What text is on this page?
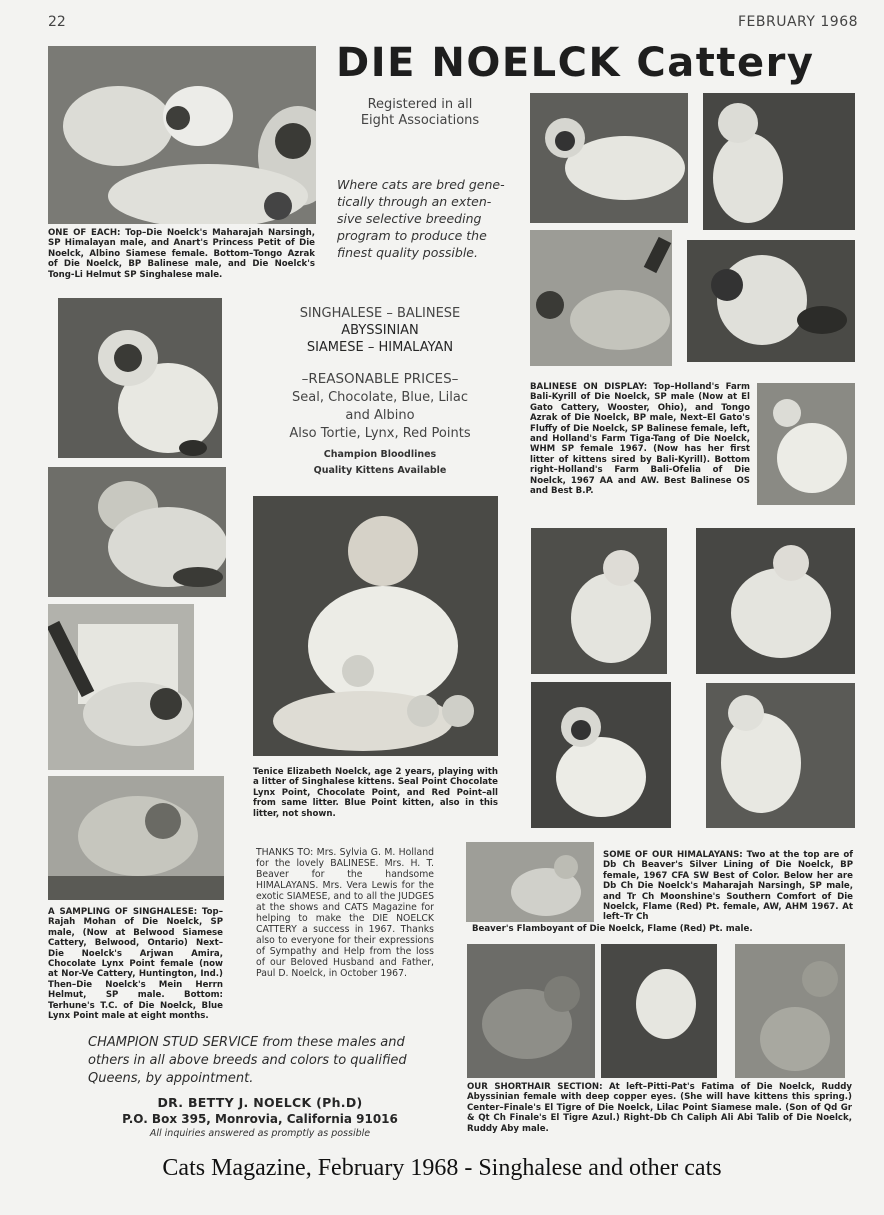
22	FEBRUARY 1968
DIE NOELCK Cattery
Registered in all
Eight Associations
Where cats are bred gene-
tically through an exten-
sive selective breeding
program to produce the
finest quality possible.
SINGHALESE – BALINESE
ABYSSINIAN
SIAMESE – HIMALAYAN
–REASONABLE PRICES–
Seal, Chocolate, Blue, Lilac
and Albino
Also Tortie, Lynx, Red Points
Champion Bloodlines
Quality Kittens Available
ONE OF EACH: Top–Die Noelck's Maharajah Narsingh, SP Himalayan male, and Anart's Princess Petit of Die Noelck, Albino Siamese female. Bottom–Tongo Azrak of Die Noelck, BP Balinese male, and Die Noelck's Tong-Li Helmut SP Singhalese male.
BALINESE ON DISPLAY: Top–Holland's Farm Bali-Kyrill of Die Noelck, SP male (Now at El Gato Cattery, Wooster, Ohio), and Tongo Azrak of Die Noelck, BP male, Next–El Gato's Fluffy of Die Noelck, SP Balinese female, left, and Holland's Farm Tiga-Tang of Die Noelck, WHM SP female 1967. (Now has her first litter of kittens sired by Bali-Kyrill). Bottom right–Holland's Farm Bali-Ofelia of Die Noelck, 1967 AA and AW. Best Balinese OS and Best B.P.
Tenice Elizabeth Noelck, age 2 years, playing with a litter of Singhalese kittens. Seal Point Chocolate Lynx Point, Chocolate Point, and Red Point–all from same litter. Blue Point kitten, also in this litter, not shown.
A SAMPLING OF SINGHALESE: Top–Rajah Mohan of Die Noelck, SP male, (Now at Belwood Siamese Cattery, Belwood, Ontario) Next–Die Noelck's Arjwan Amira, Chocolate Lynx Point female (now at Nor-Ve Cattery, Huntington, Ind.) Then–Die Noelck's Mein Herrn Helmut, SP male. Bottom: Terhune's T.C. of Die Noelck, Blue Lynx Point male at eight months.
THANKS TO: Mrs. Sylvia G. M. Holland for the lovely BALINESE. Mrs. H. T. Beaver for the handsome HIMALAYANS. Mrs. Vera Lewis for the exotic SIAMESE, and to all the JUDGES at the shows and CATS Magazine for helping to make the DIE NOELCK CATTERY a success in 1967. Thanks also to everyone for their expressions of Sympathy and Help from the loss of our Beloved Husband and Father, Paul D. Noelck, in October 1967.
SOME OF OUR HIMALAYANS: Two at the top are of Db Ch Beaver's Silver Lining of Die Noelck, BP female, 1967 CFA SW Best of Color. Below her are Db Ch Die Noelck's Maharajah Narsingh, SP male, and Tr Ch Moonshine's Southern Comfort of Die Noelck, Flame (Red) Pt. female, AW, AHM 1967. At left–Tr Ch
Beaver's Flamboyant of Die Noelck, Flame (Red) Pt. male.
OUR SHORTHAIR SECTION: At left–Pitti-Pat's Fatima of Die Noelck, Ruddy Abyssinian female with deep copper eyes. (She will have kittens this spring.) Center–Finale's El Tigre of Die Noelck, Lilac Point Siamese male. (Son of Qd Gr & Qt Ch Finale's El Tigre Azul.) Right–Db Ch Caliph Ali Abi Talib of Die Noelck, Ruddy Aby male.
CHAMPION STUD SERVICE from these males and
others in all above breeds and colors to qualified
Queens, by appointment.
DR. BETTY J. NOELCK (Ph.D)
P.O. Box 395, Monrovia, California 91016
All inquiries answered as promptly as possible
Cats Magazine, February 1968 - Singhalese and other cats
